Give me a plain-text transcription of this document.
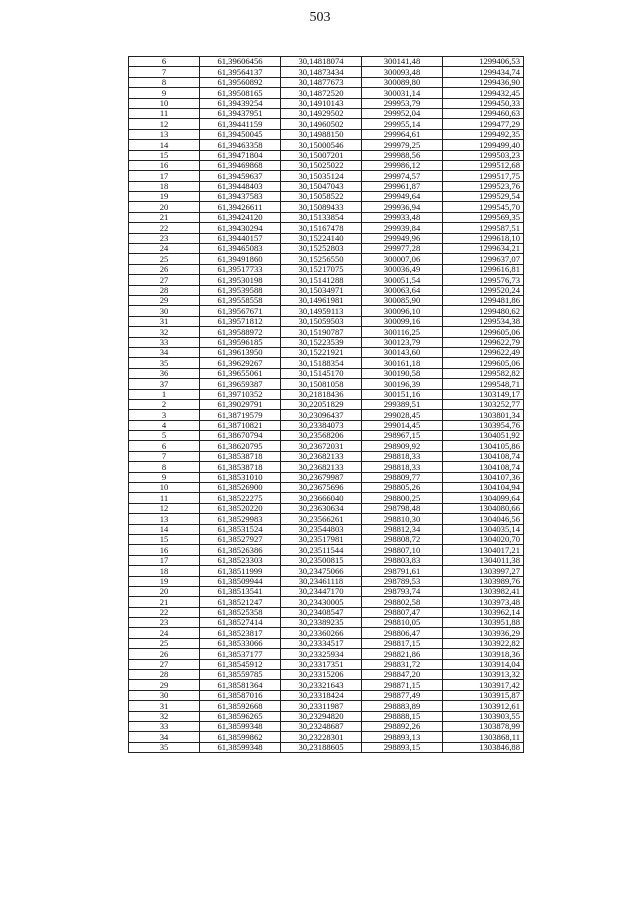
503
6	61,39606456	30,14818074	300141,48	1299406,53
7	61,39564137	30,14873434	300093,48	1299434,74
8	61,39560892	30,14877673	300089,80	1299436,90
9	61,39508165	30,14872520	300031,14	1299432,45
10	61,39439254	30,14910143	299953,79	1299450,33
11	61,39437951	30,14929502	299952,04	1299460,63
12	61,39441159	30,14960502	299955,14	1299477,29
13	61,39450045	30,14988150	299964,61	1299492,35
14	61,39463358	30,15000546	299979,25	1299499,40
15	61,39471804	30,15007201	299988,56	1299503,23
16	61,39469868	30,15025022	299986,12	1299512,68
17	61,39459637	30,15035124	299974,57	1299517,75
18	61,39448403	30,15047043	299961,87	1299523,76
19	61,39437583	30,15058522	299949,64	1299529,54
20	61,39426611	30,15089433	299936,94	1299545,70
21	61,39424120	30,15133854	299933,48	1299569,35
22	61,39430294	30,15167478	299939,84	1299587,51
23	61,39440157	30,15224140	299949,96	1299618,10
24	61,39465083	30,15252803	299977,28	1299634,21
25	61,39491860	30,15256550	300007,06	1299637,07
26	61,39517733	30,15217075	300036,49	1299616,81
27	61,39530198	30,15141288	300051,54	1299576,73
28	61,39539588	30,15034971	300063,64	1299520,24
29	61,39558558	30,14961981	300085,90	1299481,86
30	61,39567671	30,14959113	300096,10	1299480,62
31	61,39571812	30,15059503	300099,16	1299534,38
32	61,39588972	30,15190787	300116,25	1299605,06
33	61,39596185	30,15223539	300123,79	1299622,79
34	61,39613950	30,15221921	300143,60	1299622,49
35	61,39629267	30,15188354	300161,18	1299605,06
36	61,39655061	30,15145170	300190,58	1299582,82
37	61,39659387	30,15081058	300196,39	1299548,71
1	61,39710352	30,21818436	300151,16	1303149,17
2	61,39029791	30,22051829	299389,51	1303252,77
3	61,38719579	30,23096437	299028,45	1303801,34
4	61,38710821	30,23384073	299014,45	1303954,76
5	61,38670794	30,23568206	298967,15	1304051,92
6	61,38620795	30,23672031	298909,92	1304105,86
7	61,38538718	30,23682133	298818,33	1304108,74
8	61,38538718	30,23682133	298818,33	1304108,74
9	61,38531010	30,23679987	298809,77	1304107,36
10	61,38526900	30,23675696	298805,26	1304104,94
11	61,38522275	30,23666040	298800,25	1304099,64
12	61,38520220	30,23630634	298798,48	1304080,66
13	61,38529983	30,23566261	298810,30	1304046,56
14	61,38531524	30,23544803	298812,34	1304035,14
15	61,38527927	30,23517981	298808,72	1304020,70
16	61,38526386	30,23511544	298807,10	1304017,21
17	61,38523303	30,23500815	298803,83	1304011,38
18	61,38511999	30,23475066	298791,61	1303997,27
19	61,38509944	30,23461118	298789,53	1303989,76
20	61,38513541	30,23447170	298793,74	1303982,41
21	61,38521247	30,23430005	298802,58	1303973,48
22	61,38525358	30,23408547	298807,47	1303962,14
23	61,38527414	30,23389235	298810,05	1303951,88
24	61,38523817	30,23360266	298806,47	1303936,29
25	61,38533066	30,23334517	298817,15	1303922,82
26	61,38537177	30,23325934	298821,86	1303918,36
27	61,38545912	30,23317351	298831,72	1303914,04
28	61,38559785	30,23315206	298847,20	1303913,32
29	61,38581364	30,23321643	298871,15	1303917,42
30	61,38587016	30,23318424	298877,49	1303915,87
31	61,38592668	30,23311987	298883,89	1303912,61
32	61,38596265	30,23294820	298888,15	1303903,55
33	61,38599348	30,23248687	298892,26	1303878,99
34	61,38599862	30,23228301	298893,13	1303868,11
35	61,38599348	30,23188605	298893,15	1303846,88
